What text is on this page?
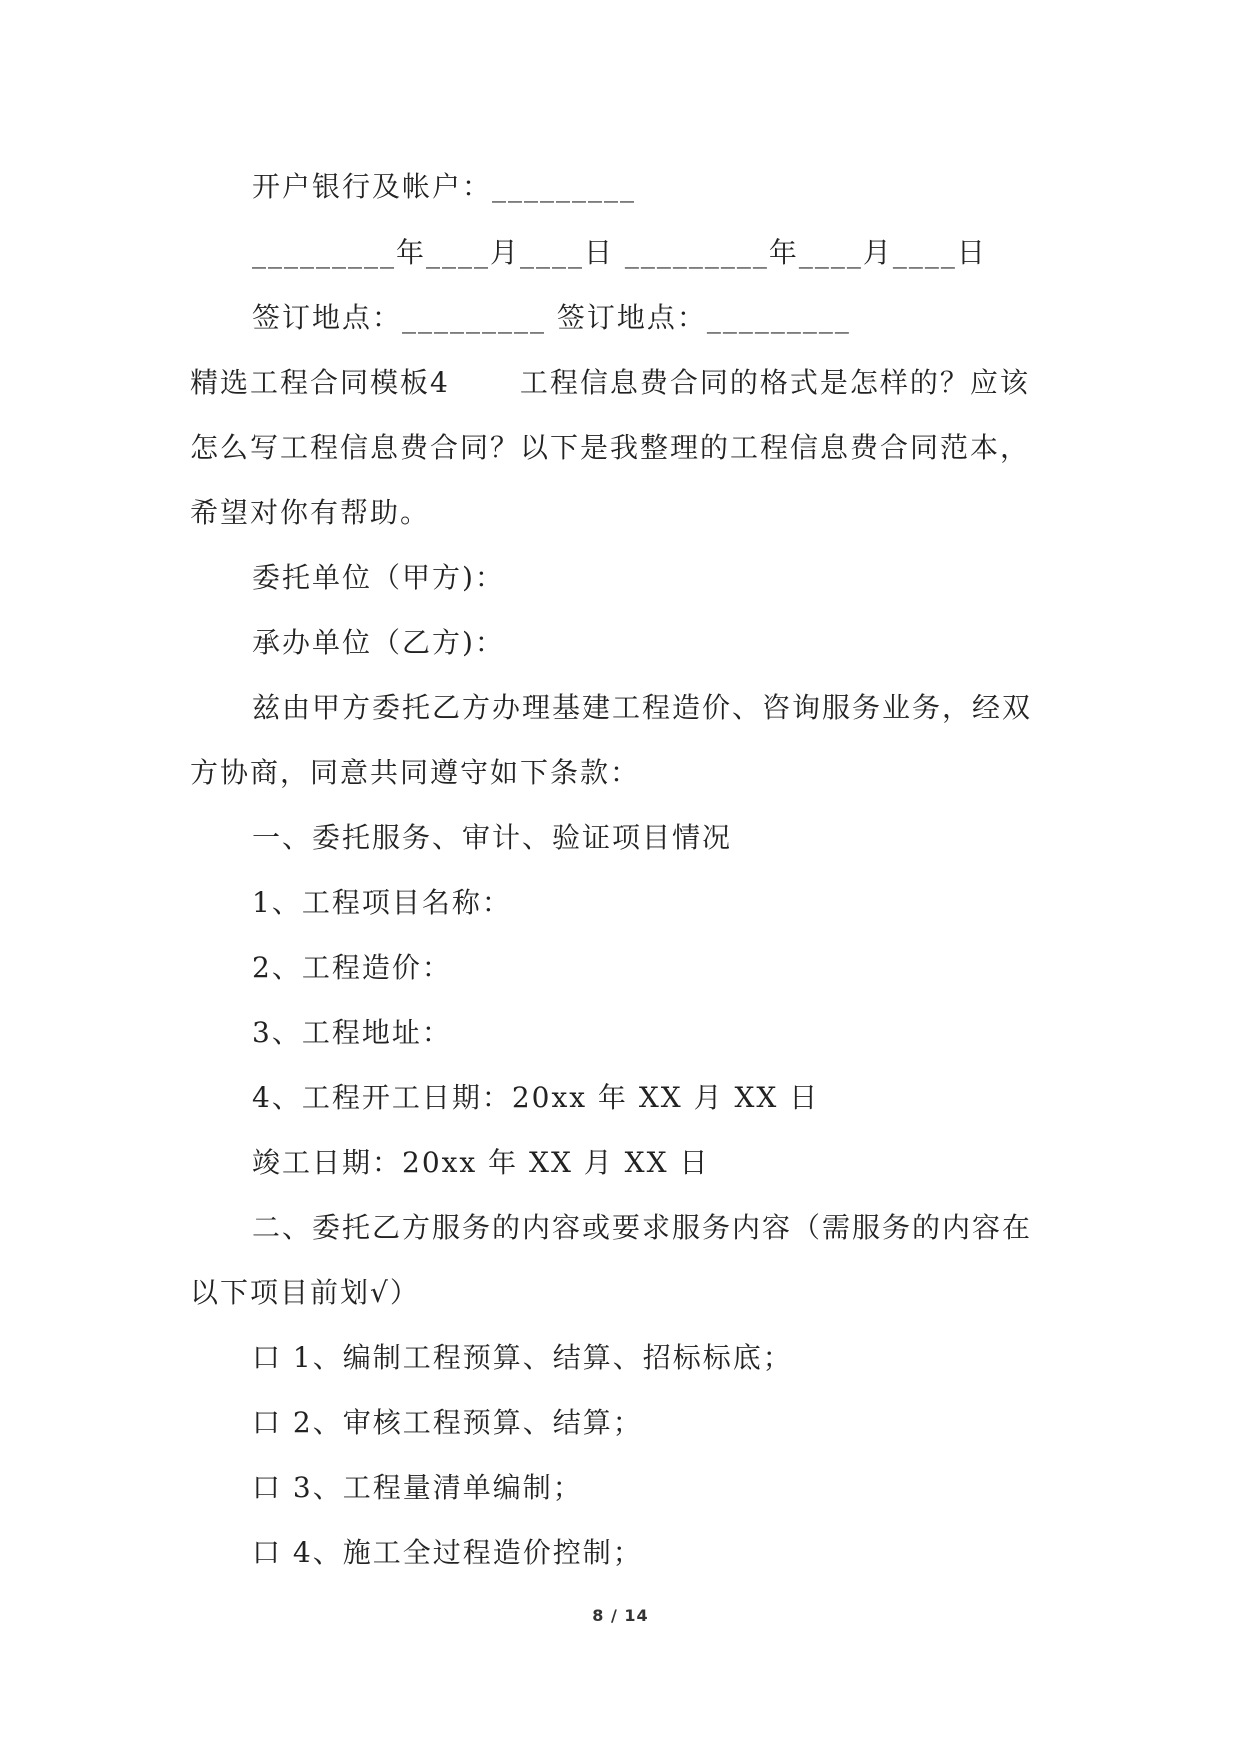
开户银行及帐户：_________
_________年____月____日 _________年____月____日
签订地点：_________ 签订地点：_________
精选工程合同模板4	工程信息费合同的格式是怎样的？应该
怎么写工程信息费合同？以下是我整理的工程信息费合同范本，
希望对你有帮助。
委托单位（甲方)：
承办单位（乙方)：
兹由甲方委托乙方办理基建工程造价、咨询服务业务，经双
方协商，同意共同遵守如下条款：
一、委托服务、审计、验证项目情况
1、工程项目名称：
2、工程造价：
3、工程地址：
4、工程开工日期：20xx 年 XX 月 XX 日
竣工日期：20xx 年 XX 月 XX 日
二、委托乙方服务的内容或要求服务内容（需服务的内容在
以下项目前划√）
口 1、编制工程预算、结算、招标标底；
口 2、审核工程预算、结算；
口 3、工程量清单编制；
口 4、施工全过程造价控制；
8 / 14
